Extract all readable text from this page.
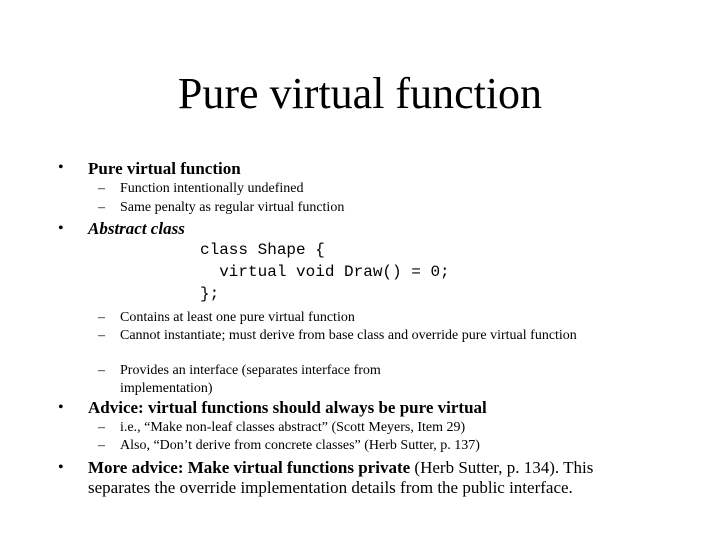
Pure virtual function
• Pure virtual function
– Function intentionally undefined
– Same penalty as regular virtual function
• Abstract class
class Shape {
virtual void Draw() = 0;
};
– Contains at least one pure virtual function
– Cannot instantiate; must derive from base class and override pure virtual function
– Provides an interface (separates interface from implementation)
• Advice: virtual functions should always be pure virtual
– i.e., “Make non-leaf classes abstract” (Scott Meyers, Item 29)
– Also, “Don’t derive from concrete classes” (Herb Sutter, p. 137)
• More advice: Make virtual functions private (Herb Sutter, p. 134). This separates the override implementation details from the public interface.
